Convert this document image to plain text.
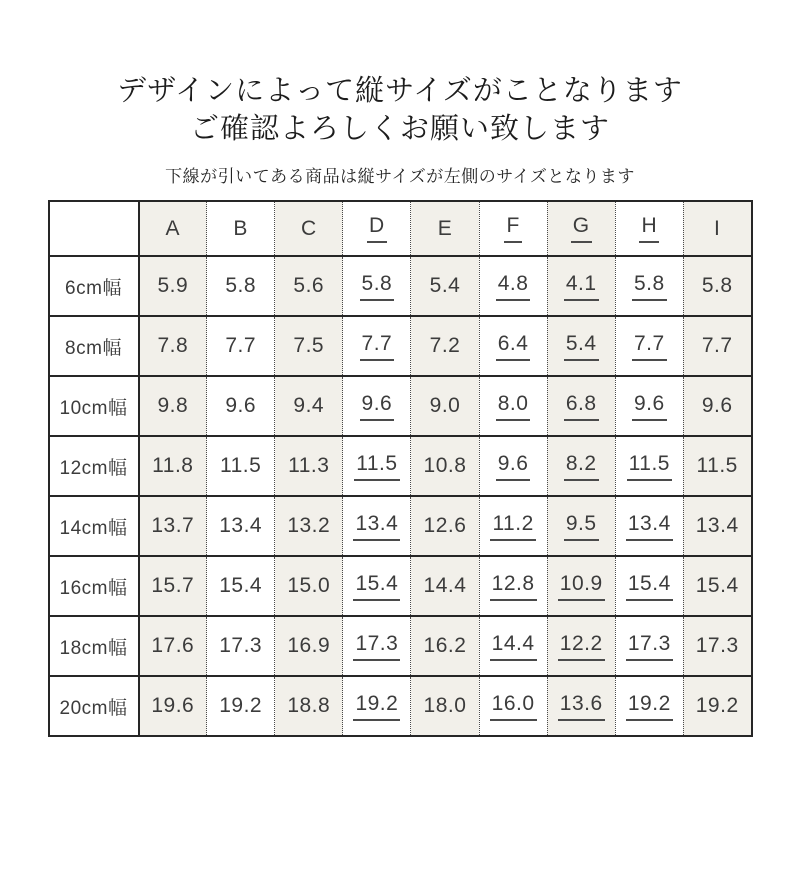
デザインによって縦サイズがことなります
ご確認よろしくお願い致します

下線が引いてある商品は縦サイズが左側のサイズとなります

	A	B	C	D	E	F	G	H	I
6cm幅	5.9	5.8	5.6	5.8	5.4	4.8	4.1	5.8	5.8
8cm幅	7.8	7.7	7.5	7.7	7.2	6.4	5.4	7.7	7.7
10cm幅	9.8	9.6	9.4	9.6	9.0	8.0	6.8	9.6	9.6
12cm幅	11.8	11.5	11.3	11.5	10.8	9.6	8.2	11.5	11.5
14cm幅	13.7	13.4	13.2	13.4	12.6	11.2	9.5	13.4	13.4
16cm幅	15.7	15.4	15.0	15.4	14.4	12.8	10.9	15.4	15.4
18cm幅	17.6	17.3	16.9	17.3	16.2	14.4	12.2	17.3	17.3
20cm幅	19.6	19.2	18.8	19.2	18.0	16.0	13.6	19.2	19.2
